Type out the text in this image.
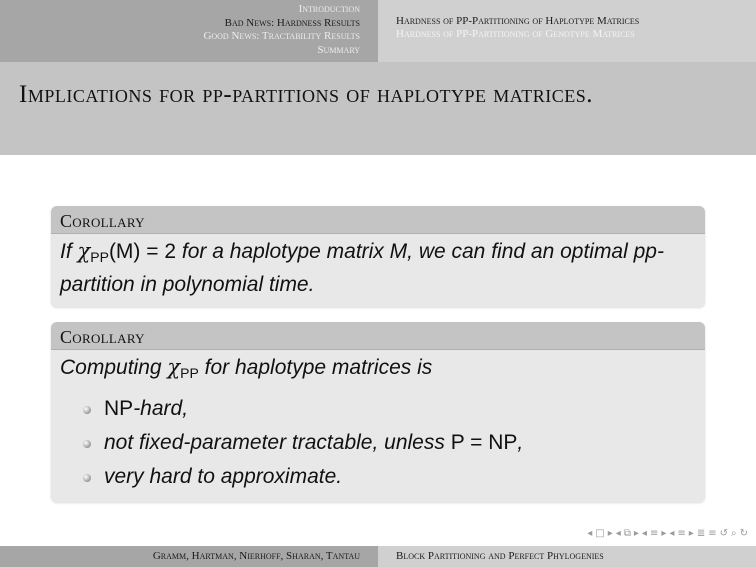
Introduction
Bad News: Hardness Results
Good News: Tractability Results
Summary
Hardness of PP-Partitioning of Haplotype Matrices
Hardness of PP-Partitioning of Genotype Matrices
Implications for pp-partitions of haplotype matrices.
Corollary
If $\chi_{PP}(M) = 2$ for a haplotype matrix M, we can find an optimal pp-partition in polynomial time.
Corollary
Computing $\chi_{PP}$ for haplotype matrices is
NP-hard,
not fixed-parameter tractable, unless P = NP,
very hard to approximate.
◂ □ ▸ ◂ ⧉ ▸ ◂ ≡ ▸ ◂ ≡ ▸ ≣ ≡ ↺ ⌕ ↻
Gramm, Hartman, Nierhoff, Sharan, Tantau	Block Partitioning and Perfect Phylogenies
